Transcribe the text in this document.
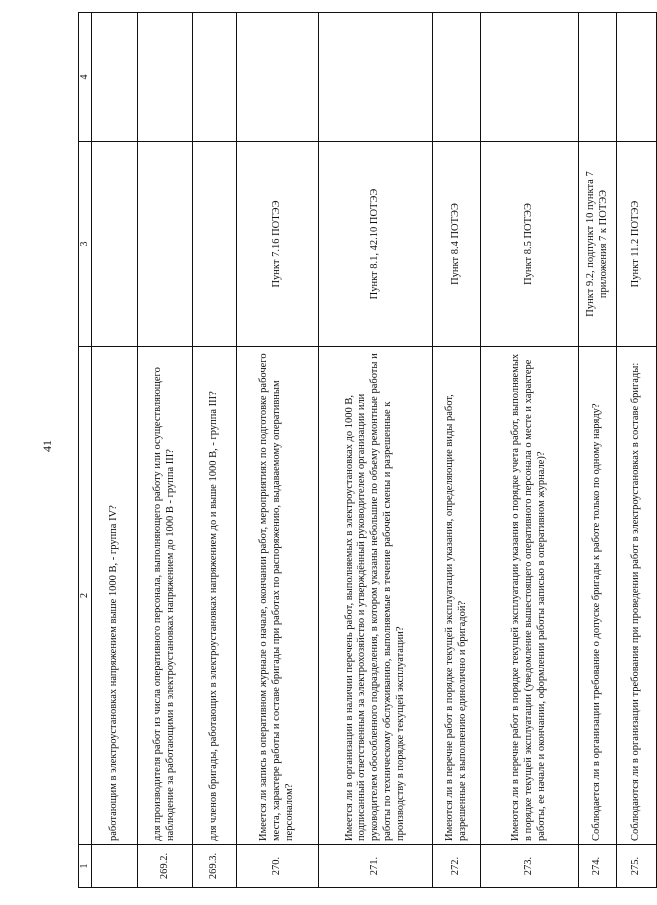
41
1	2	3	4
	работающим в электроустановках напряжением выше 1000 В, - группа IV?		
269.2.	для производителя работ из числа оперативного персонала, выполняющего работу или осуществляющего наблюдение за работающими в электроустановках напряжением до 1000 В - группа III?		
269.3.	для членов бригады, работающих в электроустановках напряжением до и выше 1000 В, - группа III?		
270.	Имеется ли запись в оперативном журнале о начале, окончании работ, мероприятиях по подготовке рабочего места, характере работы и составе бригады при работах по распоряжению, выдаваемому оперативным персоналом?	Пункт 7.16 ПОТЭЭ	
271.	Имеется ли в организации в наличии перечень работ, выполняемых в электроустановках до 1000 В, подписанный ответственным за электрохозяйство и утверждённый руководителем организации или руководителем обособленного подразделения, в котором указаны небольшие по объему ремонтные работы и работы по техническому обслуживанию, выполняемые в течение рабочей смены и разрешенные к производству в порядке текущей эксплуатации?	Пункт 8.1, 42.10 ПОТЭЭ	
272.	Имеются ли в перечне работ в порядке текущей эксплуатации указания, определяющие виды работ, разрешенные к выполнению единолично и бригадой?	Пункт 8.4 ПОТЭЭ	
273.	Имеются ли в перечне работ в порядке текущей эксплуатации указания о порядке учета работ, выполняемых в порядке текущей эксплуатации (уведомление вышестоящего оперативного персонала о месте и характере работы, ее начале и окончании, оформлении работы записью в оперативном журнале)?	Пункт 8.5 ПОТЭЭ	
274.	Соблюдается ли в организации требование о допуске бригады к работе только по одному наряду?	Пункт 9.2, подпункт 10 пункта 7 приложения 7 к ПОТЭЭ	
275.	Соблюдаются ли в организации требования при проведении работ в электроустановках в составе бригады:	Пункт 11.2 ПОТЭЭ	
